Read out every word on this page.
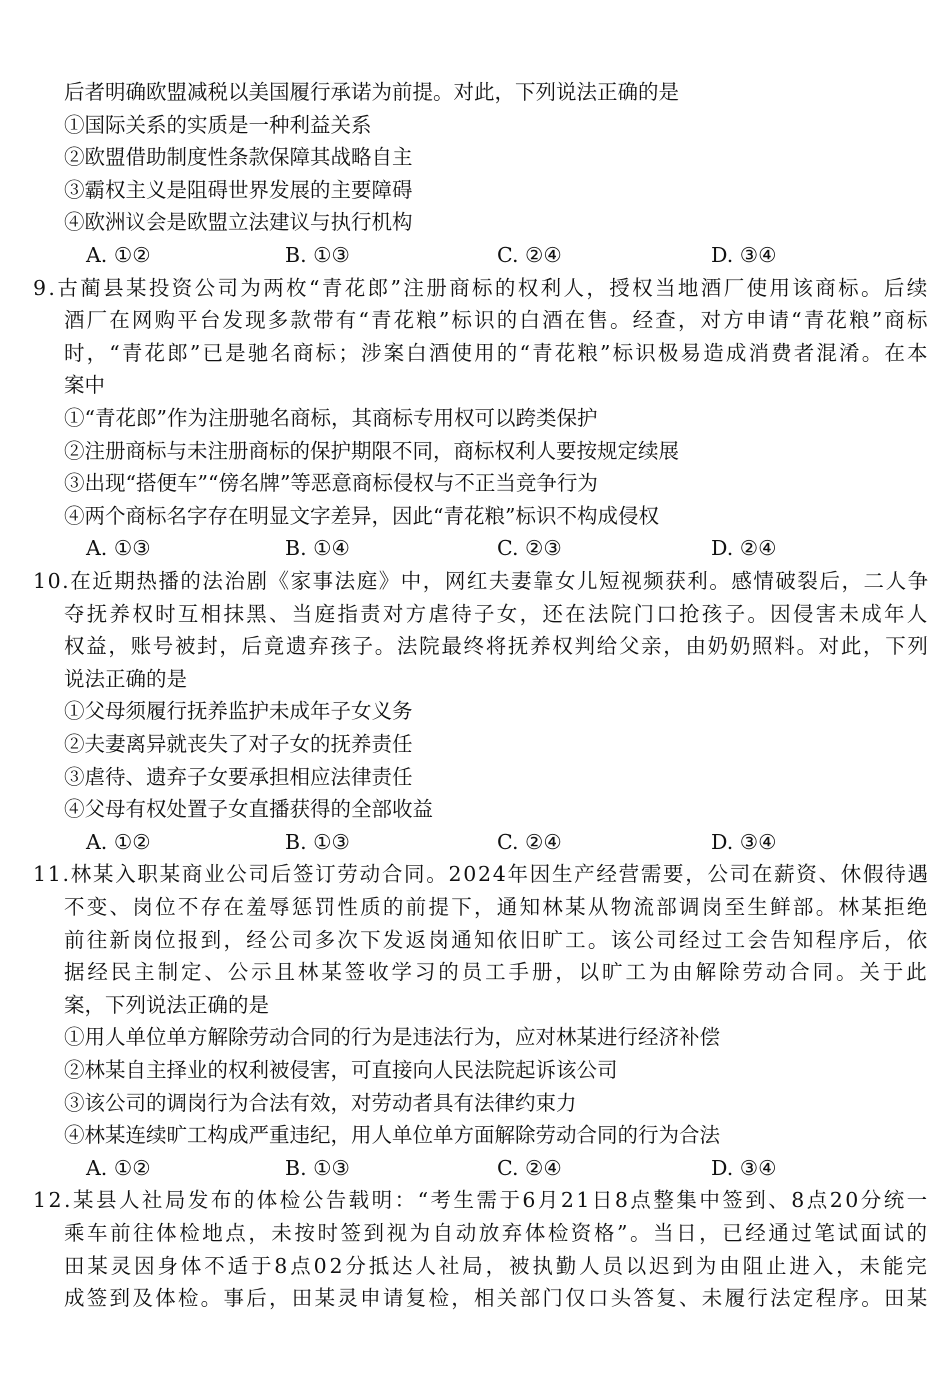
后者明确欧盟减税以美国履行承诺为前提。对此，下列说法正确的是
①国际关系的实质是一种利益关系
②欧盟借助制度性条款保障其战略自主
③霸权主义是阻碍世界发展的主要障碍
④欧洲议会是欧盟立法建议与执行机构
A. ①②	B. ①③	C. ②④	D. ③④
9.古蔺县某投资公司为两枚“青花郎”注册商标的权利人，授权当地酒厂使用该商标。后续
酒厂在网购平台发现多款带有“青花粮”标识的白酒在售。经查，对方申请“青花粮”商标
时，“青花郎”已是驰名商标；涉案白酒使用的“青花粮”标识极易造成消费者混淆。在本
案中
①“青花郎”作为注册驰名商标，其商标专用权可以跨类保护
②注册商标与未注册商标的保护期限不同，商标权利人要按规定续展
③出现“搭便车”“傍名牌”等恶意商标侵权与不正当竞争行为
④两个商标名字存在明显文字差异，因此“青花粮”标识不构成侵权
A. ①③	B. ①④	C. ②③	D. ②④
10.在近期热播的法治剧《家事法庭》中，网红夫妻靠女儿短视频获利。感情破裂后，二人争
夺抚养权时互相抹黑、当庭指责对方虐待子女，还在法院门口抢孩子。因侵害未成年人
权益，账号被封，后竟遗弃孩子。法院最终将抚养权判给父亲，由奶奶照料。对此，下列
说法正确的是
①父母须履行抚养监护未成年子女义务
②夫妻离异就丧失了对子女的抚养责任
③虐待、遗弃子女要承担相应法律责任
④父母有权处置子女直播获得的全部收益
A. ①②	B. ①③	C. ②④	D. ③④
11.林某入职某商业公司后签订劳动合同。2024年因生产经营需要，公司在薪资、休假待遇
不变、岗位不存在羞辱惩罚性质的前提下，通知林某从物流部调岗至生鲜部。林某拒绝
前往新岗位报到，经公司多次下发返岗通知依旧旷工。该公司经过工会告知程序后，依
据经民主制定、公示且林某签收学习的员工手册，以旷工为由解除劳动合同。关于此
案，下列说法正确的是
①用人单位单方解除劳动合同的行为是违法行为，应对林某进行经济补偿
②林某自主择业的权利被侵害，可直接向人民法院起诉该公司
③该公司的调岗行为合法有效，对劳动者具有法律约束力
④林某连续旷工构成严重违纪，用人单位单方面解除劳动合同的行为合法
A. ①②	B. ①③	C. ②④	D. ③④
12.某县人社局发布的体检公告载明：“考生需于6月21日8点整集中签到、8点20分统一
乘车前往体检地点，未按时签到视为自动放弃体检资格”。当日，已经通过笔试面试的
田某灵因身体不适于8点02分抵达人社局，被执勤人员以迟到为由阻止进入，未能完
成签到及体检。事后，田某灵申请复检，相关部门仅口头答复、未履行法定程序。田某
